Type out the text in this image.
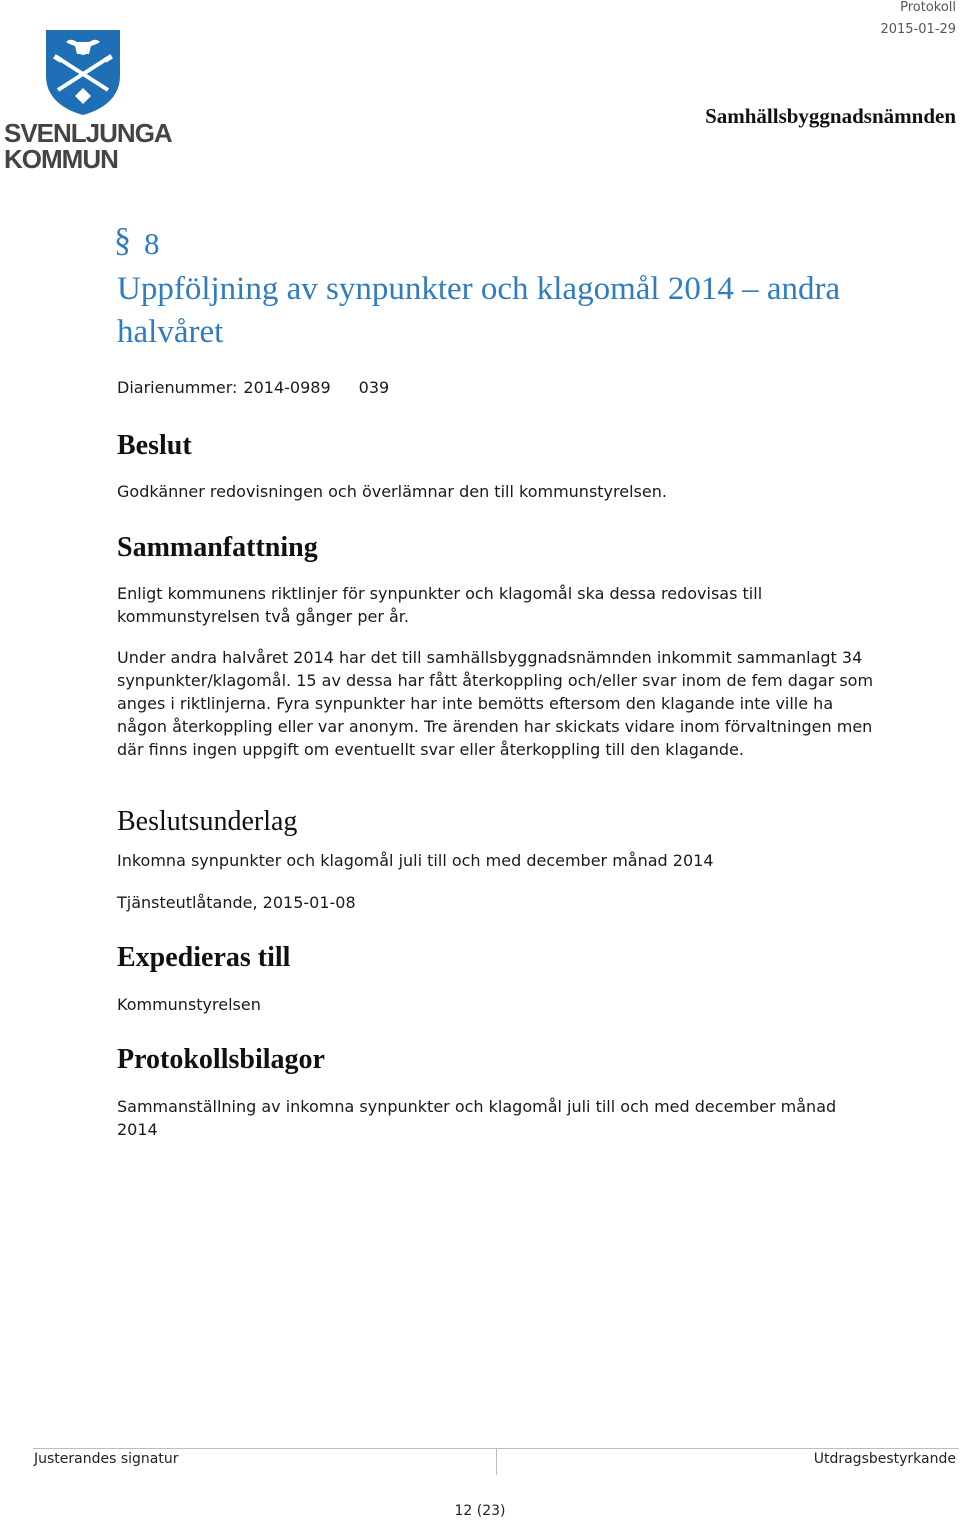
SVENLJUNGA
KOMMUN
Protokoll
2015-01-29
Samhällsbyggnadsnämnden
§ 8
Uppföljning av synpunkter och klagomål 2014 – andra halvåret
Diarienummer: 2014-0989 039
Beslut
Godkänner redovisningen och överlämnar den till kommunstyrelsen.
Sammanfattning
Enligt kommunens riktlinjer för synpunkter och klagomål ska dessa redovisas till kommunstyrelsen två gånger per år.
Under andra halvåret 2014 har det till samhällsbyggnadsnämnden inkommit sammanlagt 34 synpunkter/klagomål. 15 av dessa har fått återkoppling och/eller svar inom de fem dagar som anges i riktlinjerna. Fyra synpunkter har inte bemötts eftersom den klagande inte ville ha någon återkoppling eller var anonym. Tre ärenden har skickats vidare inom förvaltningen men där finns ingen uppgift om eventuellt svar eller återkoppling till den klagande.
Beslutsunderlag
Inkomna synpunkter och klagomål juli till och med december månad 2014
Tjänsteutlåtande, 2015-01-08
Expedieras till
Kommunstyrelsen
Protokollsbilagor
Sammanställning av inkomna synpunkter och klagomål juli till och med december månad 2014
Justerandes signatur	Utdragsbestyrkande
12 (23)
